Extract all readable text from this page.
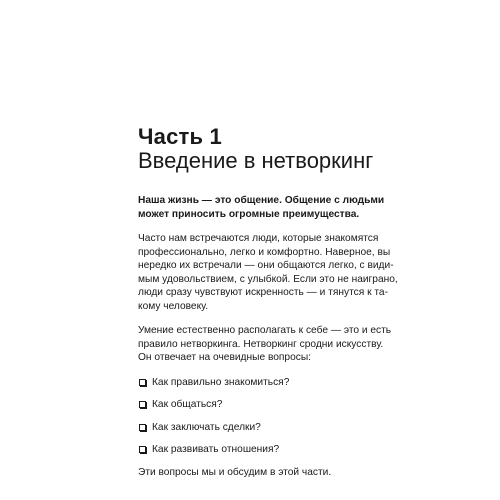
Часть 1
Введение в нетворкинг

Наша жизнь — это общение. Общение с людьми
может приносить огромные преимущества.

Часто нам встречаются люди, которые знакомятся
профессионально, легко и комфортно. Наверное, вы
нередко их встречали — они общаются легко, с види-
мым удовольствием, с улыбкой. Если это не наиграно,
люди сразу чувствуют искренность — и тянутся к та-
кому человеку.

Умение естественно располагать к себе — это и есть
правило нетворкинга. Нетворкинг сродни искусству.
Он отвечает на очевидные вопросы:

Как правильно знакомиться?
Как общаться?
Как заключать сделки?
Как развивать отношения?

Эти вопросы мы и обсудим в этой части.
